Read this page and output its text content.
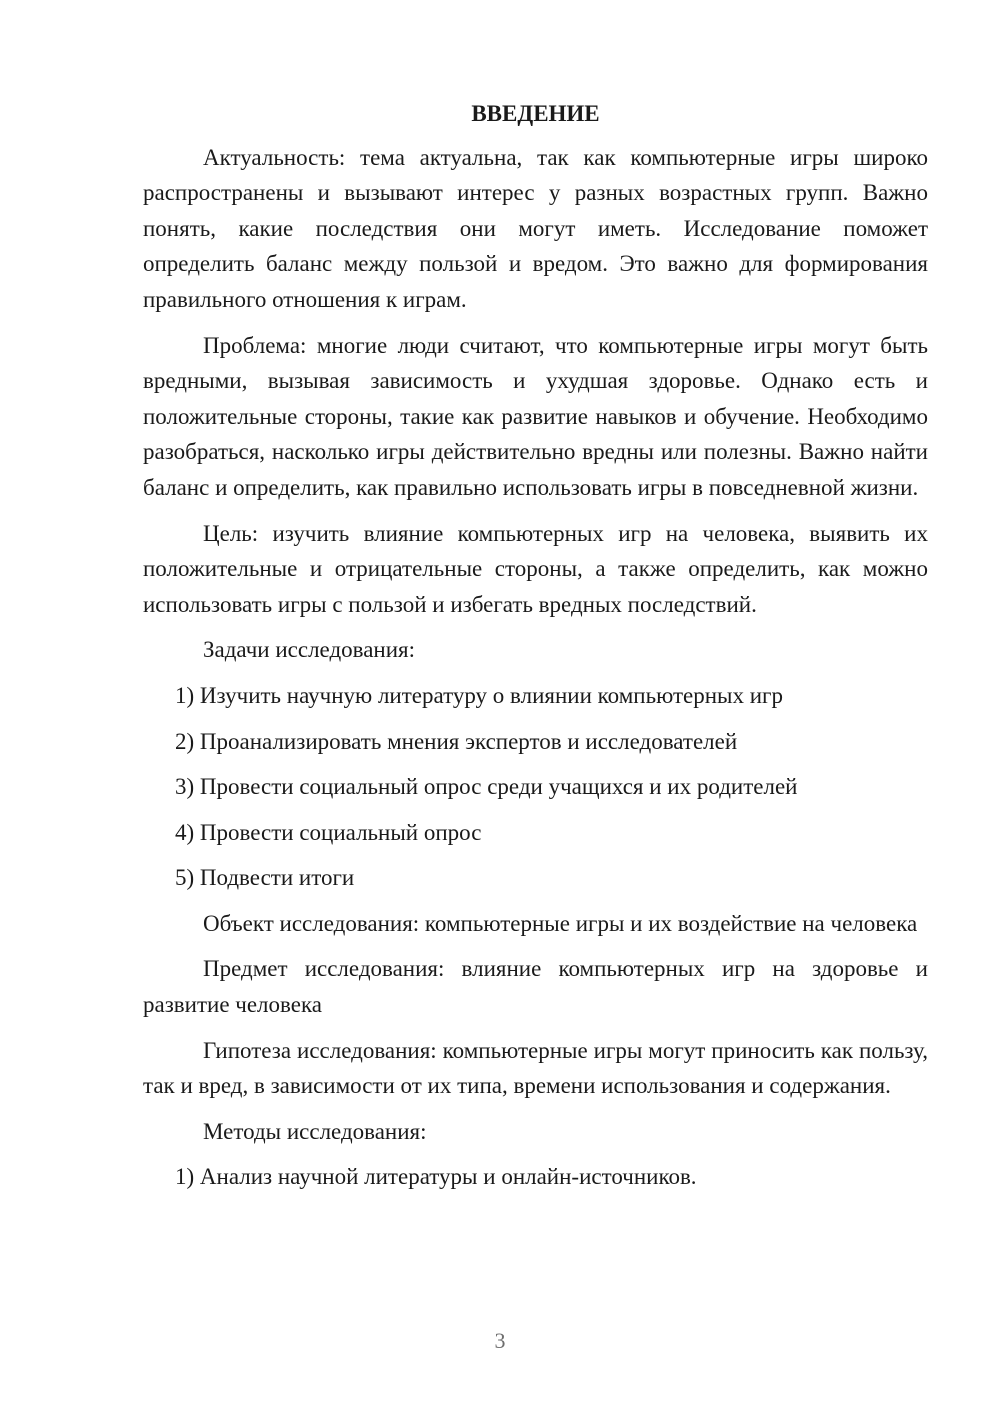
ВВЕДЕНИЕ

Актуальность: тема актуальна, так как компьютерные игры широко распространены и вызывают интерес у разных возрастных групп. Важно понять, какие последствия они могут иметь. Исследование поможет определить баланс между пользой и вредом. Это важно для формирования правильного отношения к играм.

Проблема: многие люди считают, что компьютерные игры могут быть вредными, вызывая зависимость и ухудшая здоровье. Однако есть и положительные стороны, такие как развитие навыков и обучение. Необходимо разобраться, насколько игры действительно вредны или полезны. Важно найти баланс и определить, как правильно использовать игры в повседневной жизни.

Цель: изучить влияние компьютерных игр на человека, выявить их положительные и отрицательные стороны, а также определить, как можно использовать игры с пользой и избегать вредных последствий.

Задачи исследования:

1) Изучить научную литературу о влиянии компьютерных игр
2) Проанализировать мнения экспертов и исследователей
3) Провести социальный опрос среди учащихся и их родителей
4) Провести социальный опрос
5) Подвести итоги

Объект исследования: компьютерные игры и их воздействие на человека

Предмет исследования: влияние компьютерных игр на здоровье и развитие человека

Гипотеза исследования: компьютерные игры могут приносить как пользу, так и вред, в зависимости от их типа, времени использования и содержания.

Методы исследования:

1) Анализ научной литературы и онлайн-источников.
3
